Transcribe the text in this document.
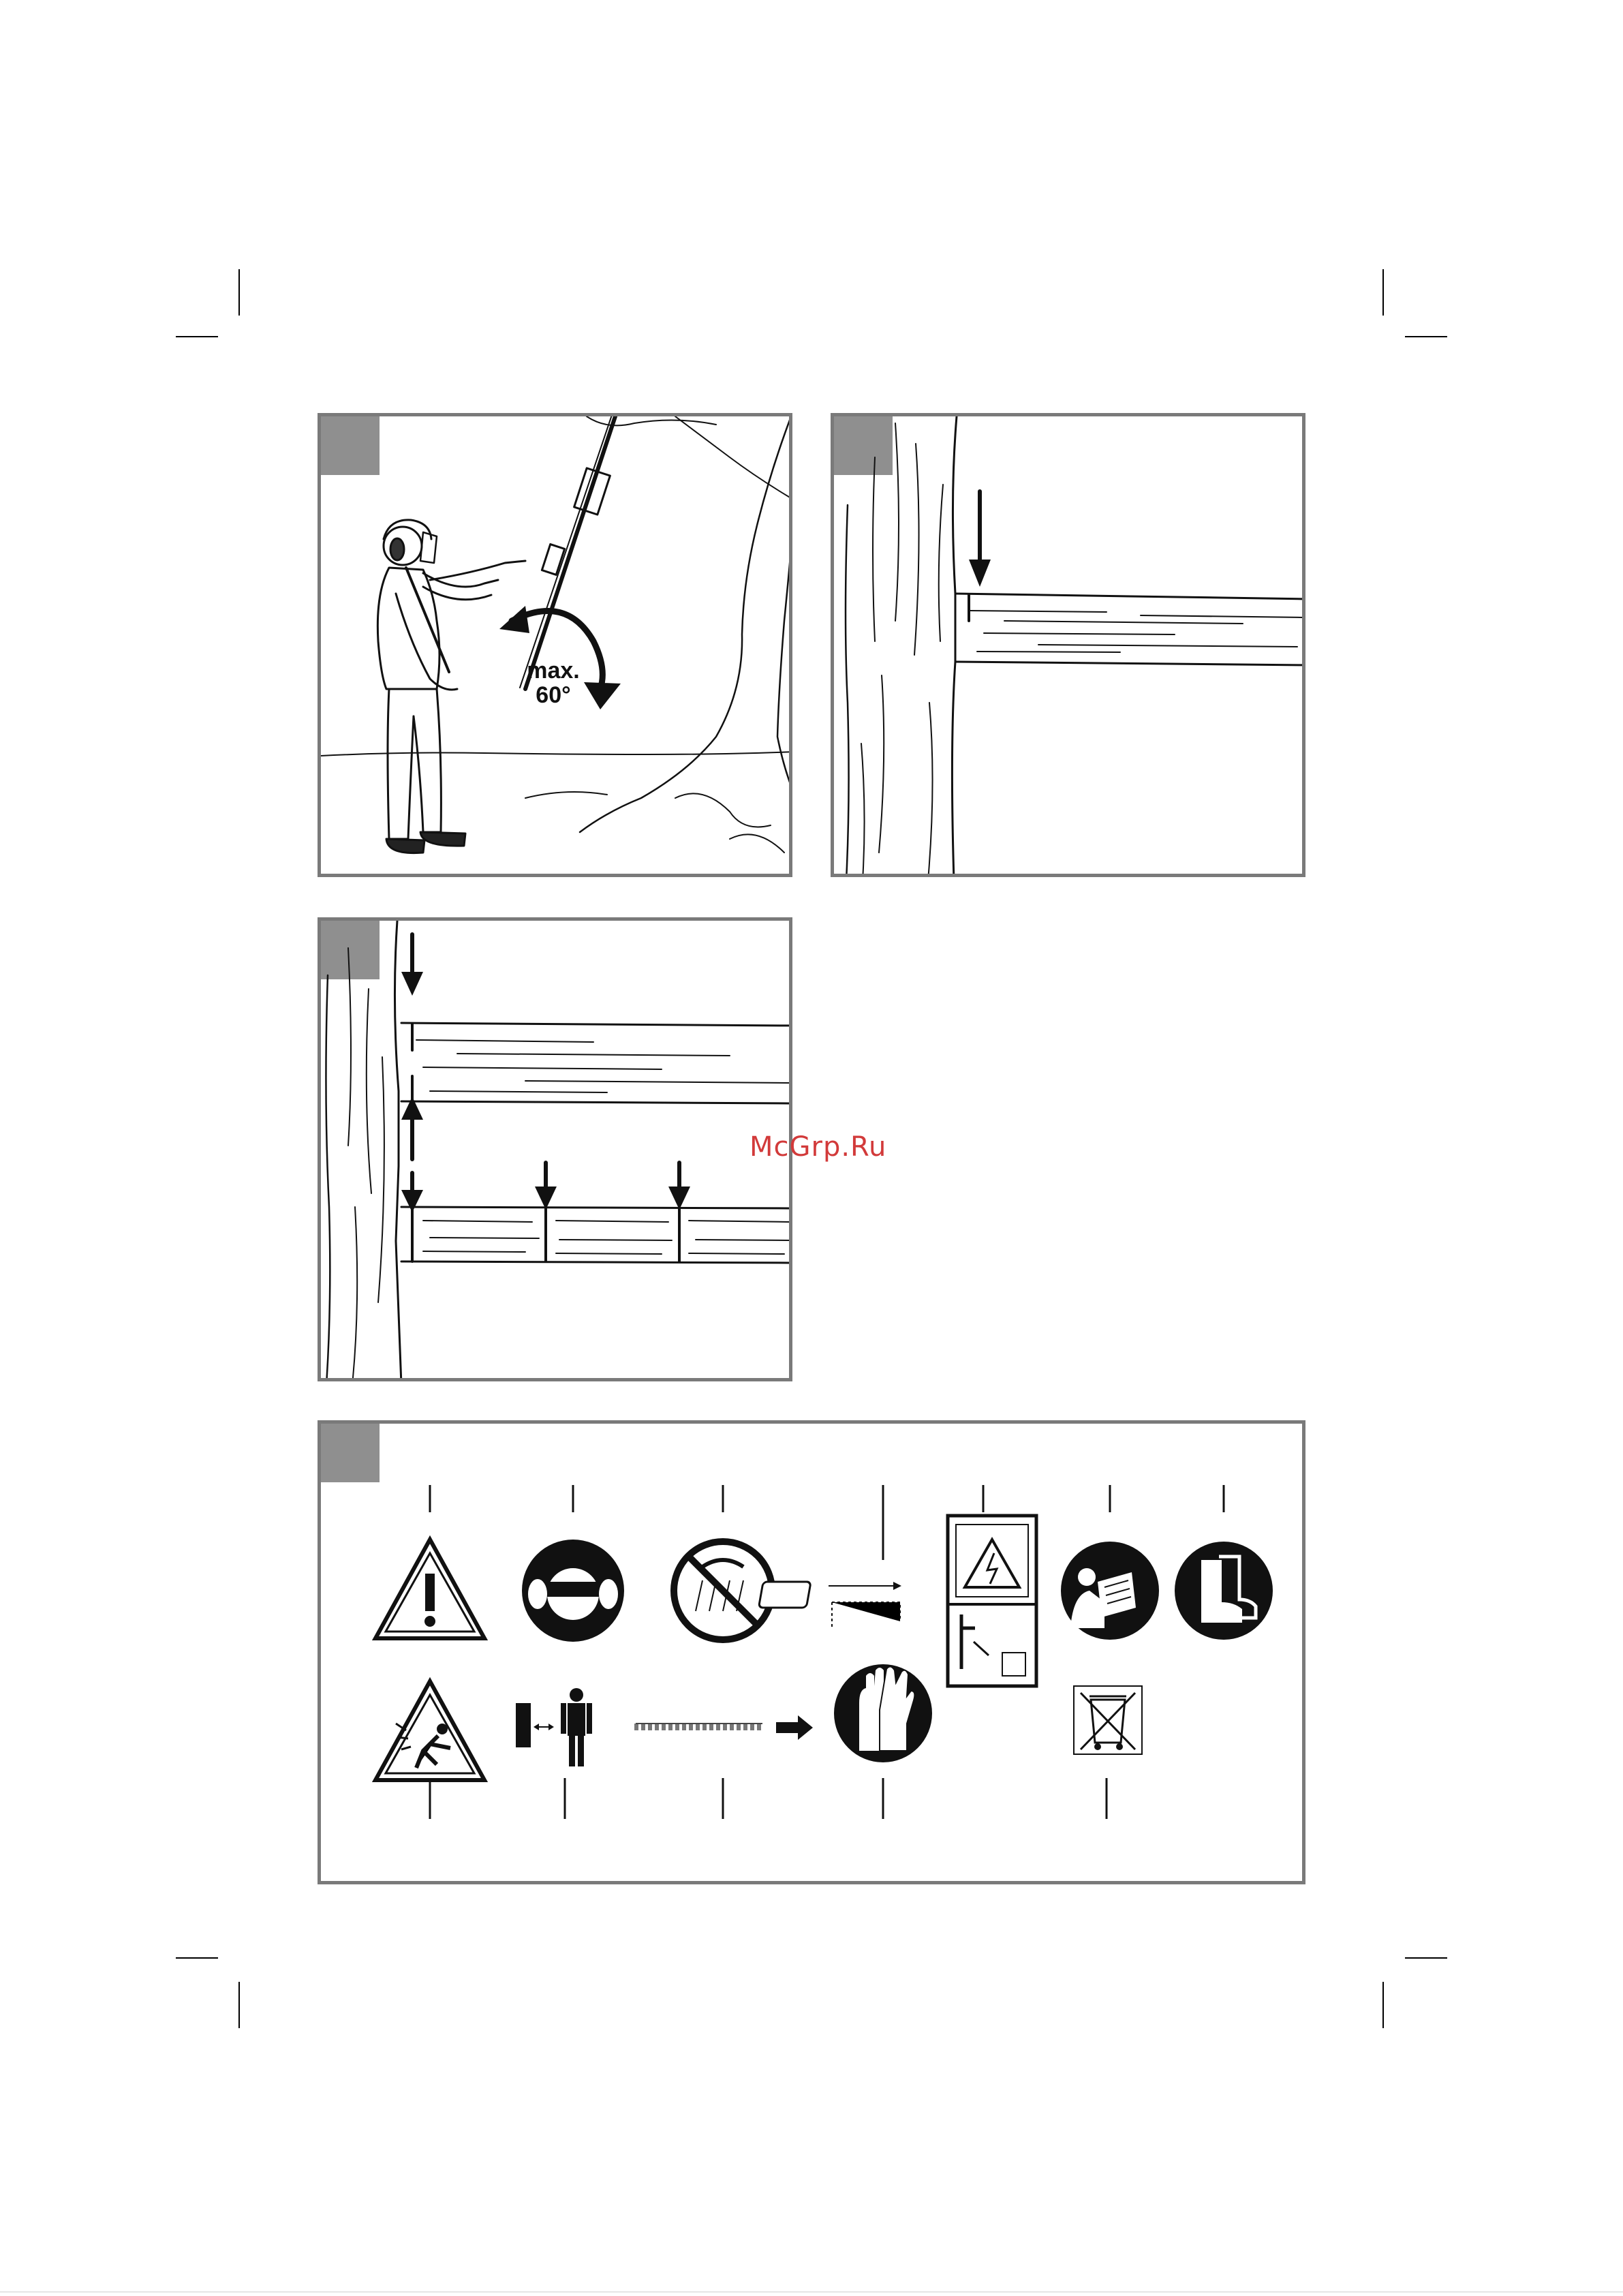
max.
60°
McGrp.Ru
